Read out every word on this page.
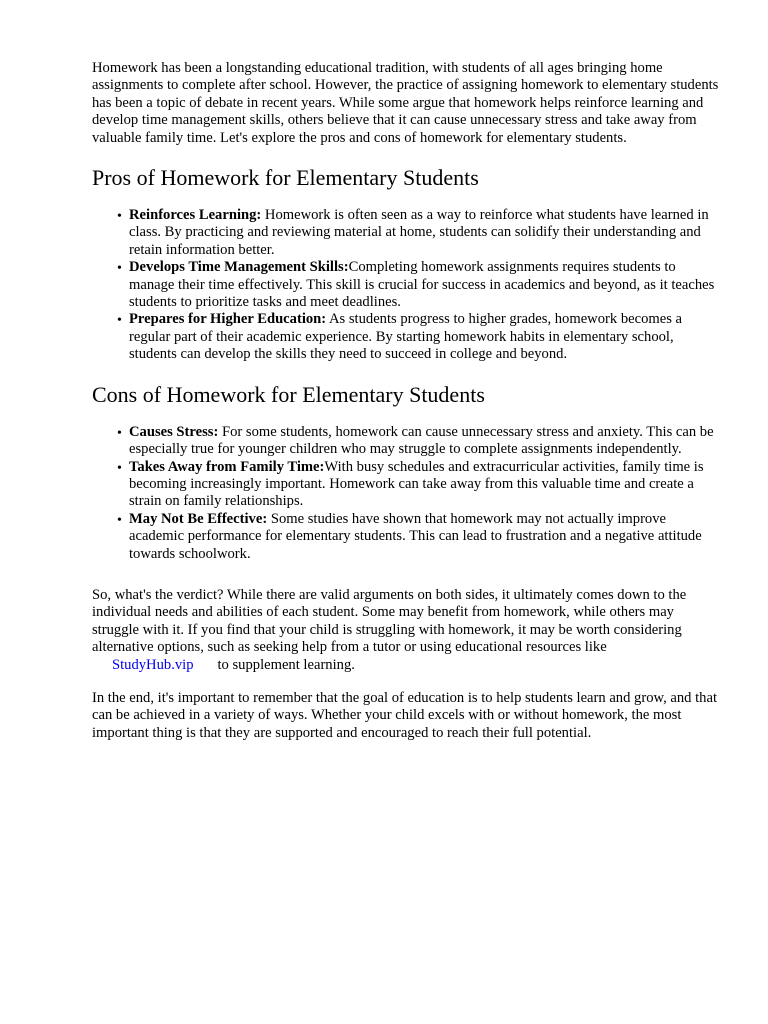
Homework has been a longstanding educational tradition, with students of all ages bringing home assignments to complete after school. However, the practice of assigning homework to elementary students has been a topic of debate in recent years. While some argue that homework helps reinforce learning and develop time management skills, others believe that it can cause unnecessary stress and take away from valuable family time. Let's explore the pros and cons of homework for elementary students.

Pros of Homework for Elementary Students
• Reinforces Learning: Homework is often seen as a way to reinforce what students have learned in class. By practicing and reviewing material at home, students can solidify their understanding and retain information better.
• Develops Time Management Skills:Completing homework assignments requires students to manage their time effectively. This skill is crucial for success in academics and beyond, as it teaches students to prioritize tasks and meet deadlines.
• Prepares for Higher Education: As students progress to higher grades, homework becomes a regular part of their academic experience. By starting homework habits in elementary school, students can develop the skills they need to succeed in college and beyond.
Cons of Homework for Elementary Students
• Causes Stress: For some students, homework can cause unnecessary stress and anxiety. This can be especially true for younger children who may struggle to complete assignments independently.
• Takes Away from Family Time:With busy schedules and extracurricular activities, family time is becoming increasingly important. Homework can take away from this valuable time and create a strain on family relationships.
• May Not Be Effective: Some studies have shown that homework may not actually improve academic performance for elementary students. This can lead to frustration and a negative attitude towards schoolwork.

So, what's the verdict? While there are valid arguments on both sides, it ultimately comes down to the individual needs and abilities of each student. Some may benefit from homework, while others may struggle with it. If you find that your child is struggling with homework, it may be worth considering alternative options, such as seeking help from a tutor or using educational resources like
StudyHub.vip to supplement learning.

In the end, it's important to remember that the goal of education is to help students learn and grow, and that can be achieved in a variety of ways. Whether your child excels with or without homework, the most important thing is that they are supported and encouraged to reach their full potential.
